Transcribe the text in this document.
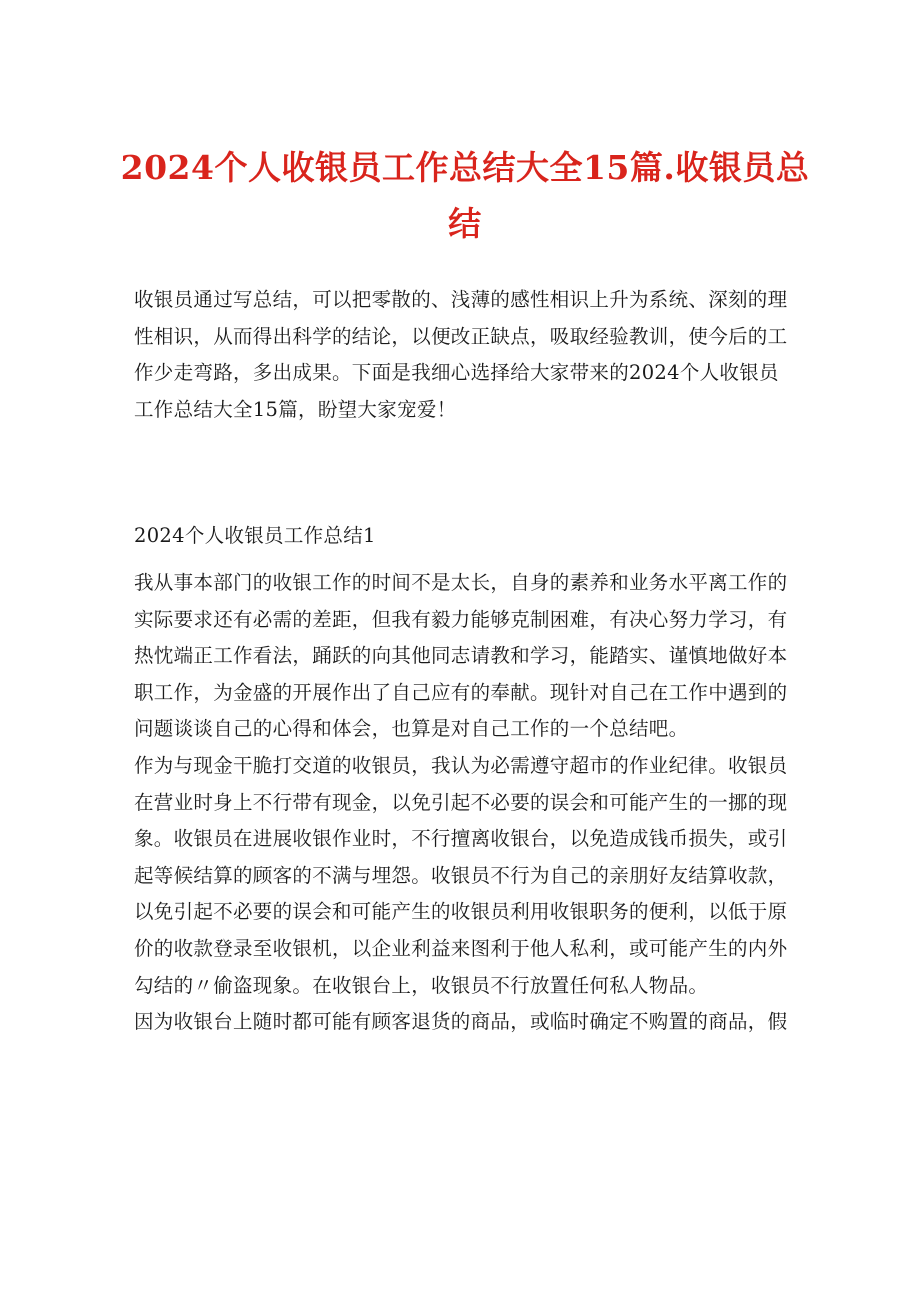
2024个人收银员工作总结大全15篇.收银员总结

收银员通过写总结，可以把零散的、浅薄的感性相识上升为系统、深刻的理性相识，从而得出科学的结论，以便改正缺点，吸取经验教训，使今后的工作少走弯路，多出成果。下面是我细心选择给大家带来的2024个人收银员工作总结大全15篇，盼望大家宠爱！

2024个人收银员工作总结1

我从事本部门的收银工作的时间不是太长，自身的素养和业务水平离工作的实际要求还有必需的差距，但我有毅力能够克制困难，有决心努力学习，有热忱端正工作看法，踊跃的向其他同志请教和学习，能踏实、谨慎地做好本职工作，为金盛的开展作出了自己应有的奉献。现针对自己在工作中遇到的问题谈谈自己的心得和体会，也算是对自己工作的一个总结吧。

作为与现金干脆打交道的收银员，我认为必需遵守超市的作业纪律。收银员在营业时身上不行带有现金，以免引起不必要的误会和可能产生的一挪的现象。收银员在进展收银作业时，不行擅离收银台，以免造成钱币损失，或引起等候结算的顾客的不满与埋怨。收银员不行为自己的亲朋好友结算收款，以免引起不必要的误会和可能产生的收银员利用收银职务的便利，以低于原价的收款登录至收银机，以企业利益来图利于他人私利，或可能产生的内外勾结的〃偷盗现象。在收银台上，收银员不行放置任何私人物品。

因为收银台上随时都可能有顾客退货的商品，或临时确定不购置的商品，假
